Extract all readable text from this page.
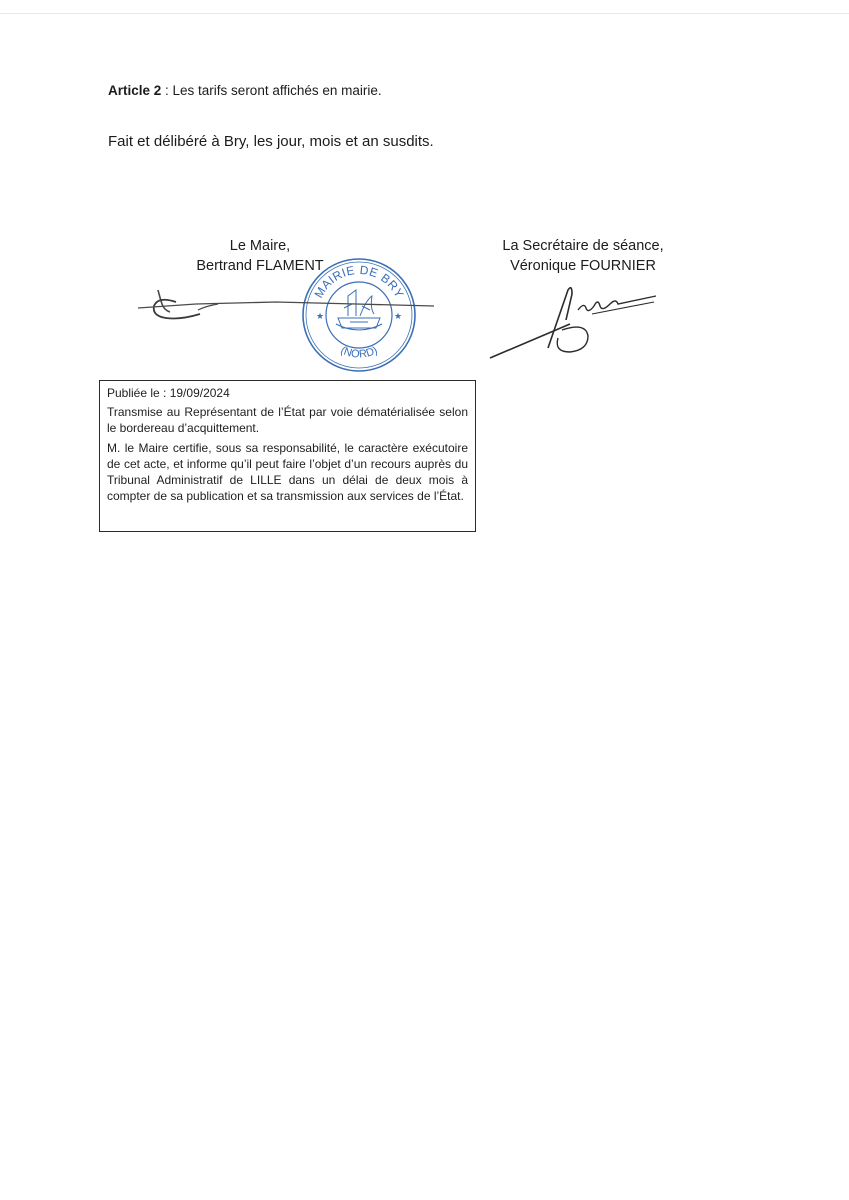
Article 2 : Les tarifs seront affichés en mairie.
Fait et délibéré à Bry, les jour, mois et an susdits.
Le Maire,
Bertrand FLAMENT
La Secrétaire de séance,
Véronique FOURNIER
MAIRIE DE BRY
(NORD)
★	★

Publiée le : 19/09/2024

Transmise au Représentant de l’État par voie dématérialisée selon le bordereau d’acquittement.

M. le Maire certifie, sous sa responsabilité, le caractère exécutoire de cet acte, et informe qu’il peut faire l’objet d’un recours auprès du Tribunal Administratif de LILLE dans un délai de deux mois à compter de sa publication et sa transmission aux services de l’État.
